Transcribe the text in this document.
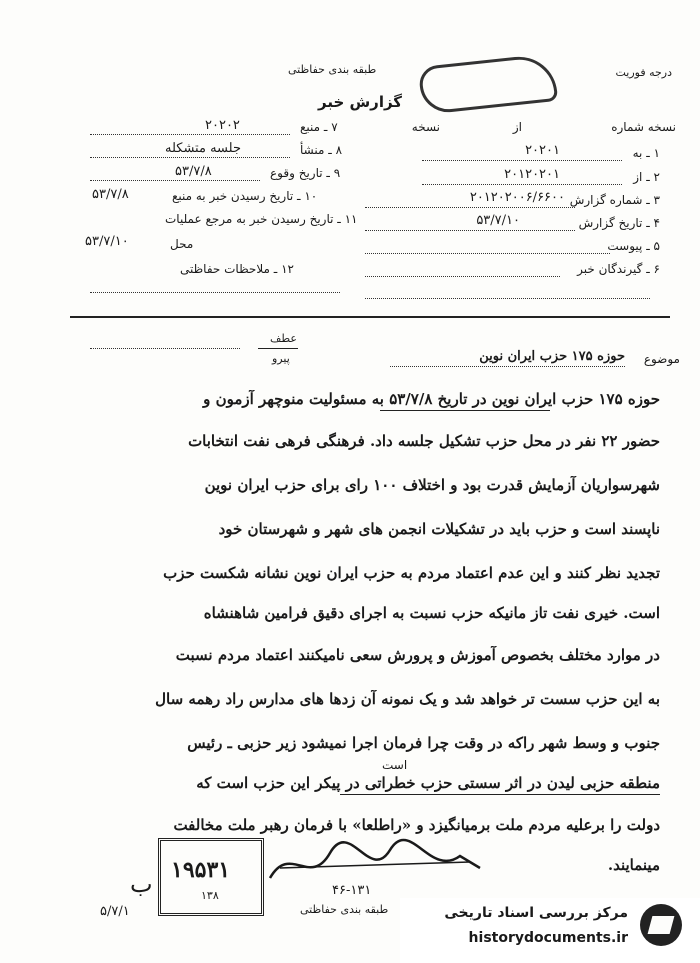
درجه فوریت
طبقه بندی حفاظتی
گزارش خبر
نسخه شماره
از
نسخه
۱ ـ به
۲۰۲۰۱
۲ ـ از
۲۰۱۲۰۲۰۱
۳ ـ شماره گزارش
۲۰۱۲۰۲۰۰۶/۶۶۰۰
۴ ـ تاریخ گزارش
۵۳/۷/۱۰
۵ ـ پیوست
۶ ـ گیرندگان خبر
۷ ـ منبع
۲۰۲۰۲
۸ ـ منشأ
جلسه متشکله
۹ ـ تاریخ وقوع
۵۳/۷/۸
۱۰ ـ تاریخ رسیدن خبر به منبع
۵۳/۷/۸
۱۱ ـ تاریخ رسیدن خبر به مرجع عملیات
محل
۵۳/۷/۱۰
۱۲ ـ ملاحظات حفاظتی
عطف
پیرو	موضوع
حوزه ۱۷۵ حزب ایران نوین
حوزه ۱۷۵ حزب ایران نوین در تاریخ ۵۳/۷/۸ به مسئولیت منوچهر آزمون و
حضور ۲۲ نفر در محل حزب تشکیل جلسه داد. فرهنگی فرهی نفت انتخابات
شهرسواریان آزمایش قدرت بود و اختلاف ۱۰۰ رای برای حزب ایران نوین
ناپسند است و حزب باید در تشکیلات انجمن های شهر و شهرستان خود
تجدید نظر کنند و این عدم اعتماد مردم به حزب ایران نوین نشانه شکست حزب
است. خیری نفت تاز مانیکه حزب نسبت به اجرای دقیق فرامین شاهنشاه
در موارد مختلف بخصوص آموزش و پرورش سعی نامیکنند اعتماد مردم نسبت
به این حزب سست تر خواهد شد و یک نمونه آن زدها های مدارس راد رهمه سال
جنوب و وسط شهر راکه در وقت چرا فرمان اجرا نمیشود زیر حزبی ـ رئیس
است
منطقه حزبی لیدن در اثر سستی حزب خطراتی در پیکر این حزب است که
دولت را برعلیه مردم ملت برمیانگیزد و «راطلعا» با فرمان رهبر ملت مخالفت
مینمایند.
۱۹۵۳۱
۱۳۸	۴۶-۱۳۱
طبقه بندی حفاظتی
۵/۷/۱
ب
مرکز بررسی اسناد تاریخی
historydocuments.ir
